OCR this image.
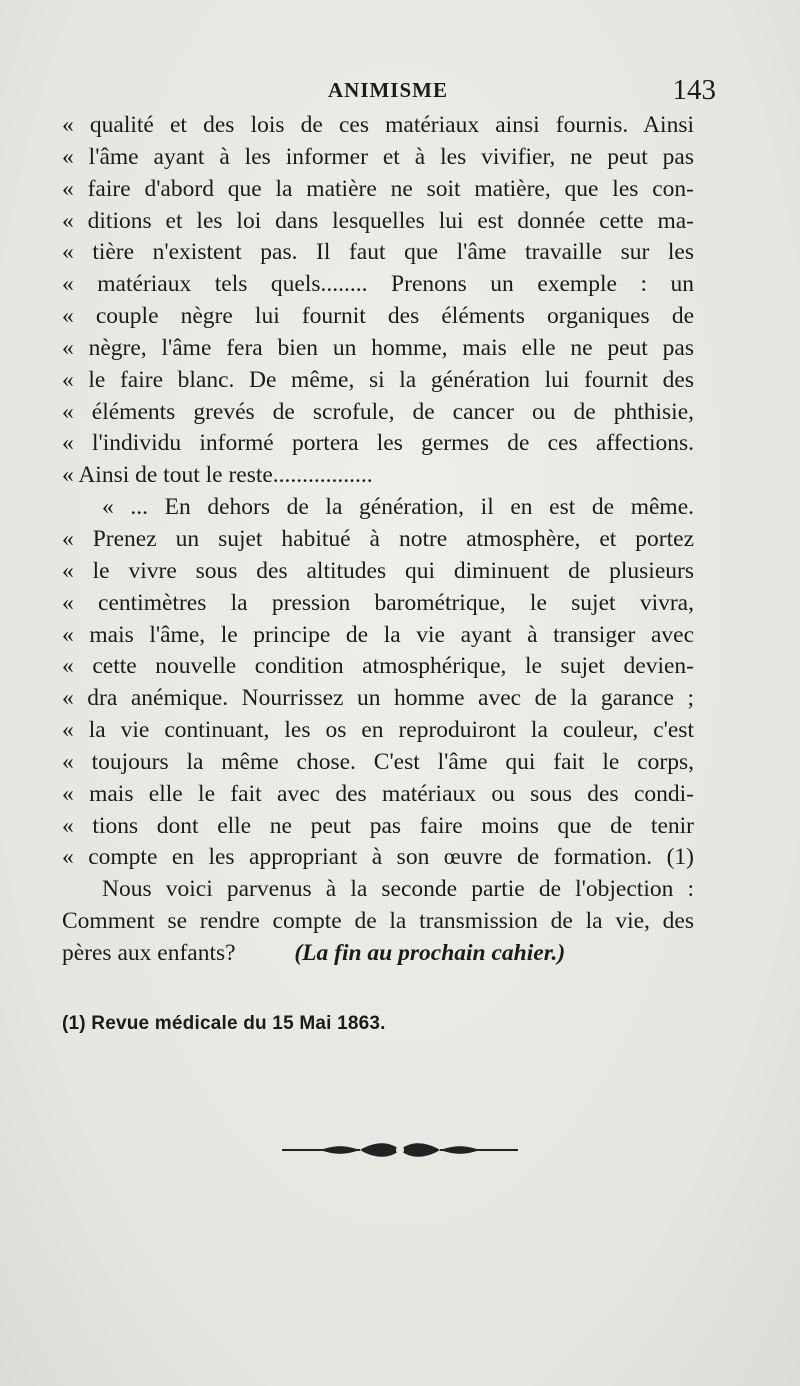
ANIMISME	143
« qualité et des lois de ces matériaux ainsi fournis. Ainsi
« l'âme ayant à les informer et à les vivifier, ne peut pas
« faire d'abord que la matière ne soit matière, que les con-
« ditions et les loi dans lesquelles lui est donnée cette ma-
« tière n'existent pas. Il faut que l'âme travaille sur les
« matériaux tels quels........ Prenons un exemple : un
« couple nègre lui fournit des éléments organiques de
« nègre, l'âme fera bien un homme, mais elle ne peut pas
« le faire blanc. De même, si la génération lui fournit des
« éléments grevés de scrofule, de cancer ou de phthisie,
« l'individu informé portera les germes de ces affections.
« Ainsi de tout le reste.................
« ... En dehors de la génération, il en est de même.
« Prenez un sujet habitué à notre atmosphère, et portez
« le vivre sous des altitudes qui diminuent de plusieurs
« centimètres la pression barométrique, le sujet vivra,
« mais l'âme, le principe de la vie ayant à transiger avec
« cette nouvelle condition atmosphérique, le sujet devien-
« dra anémique. Nourrissez un homme avec de la garance ;
« la vie continuant, les os en reproduiront la couleur, c'est
« toujours la même chose. C'est l'âme qui fait le corps,
« mais elle le fait avec des matériaux ou sous des condi-
« tions dont elle ne peut pas faire moins que de tenir
« compte en les appropriant à son œuvre de formation. (1)
Nous voici parvenus à la seconde partie de l'objection :
Comment se rendre compte de la transmission de la vie, des
pères aux enfants?	(La fin au prochain cahier.)
(1) Revue médicale du 15 Mai 1863.
